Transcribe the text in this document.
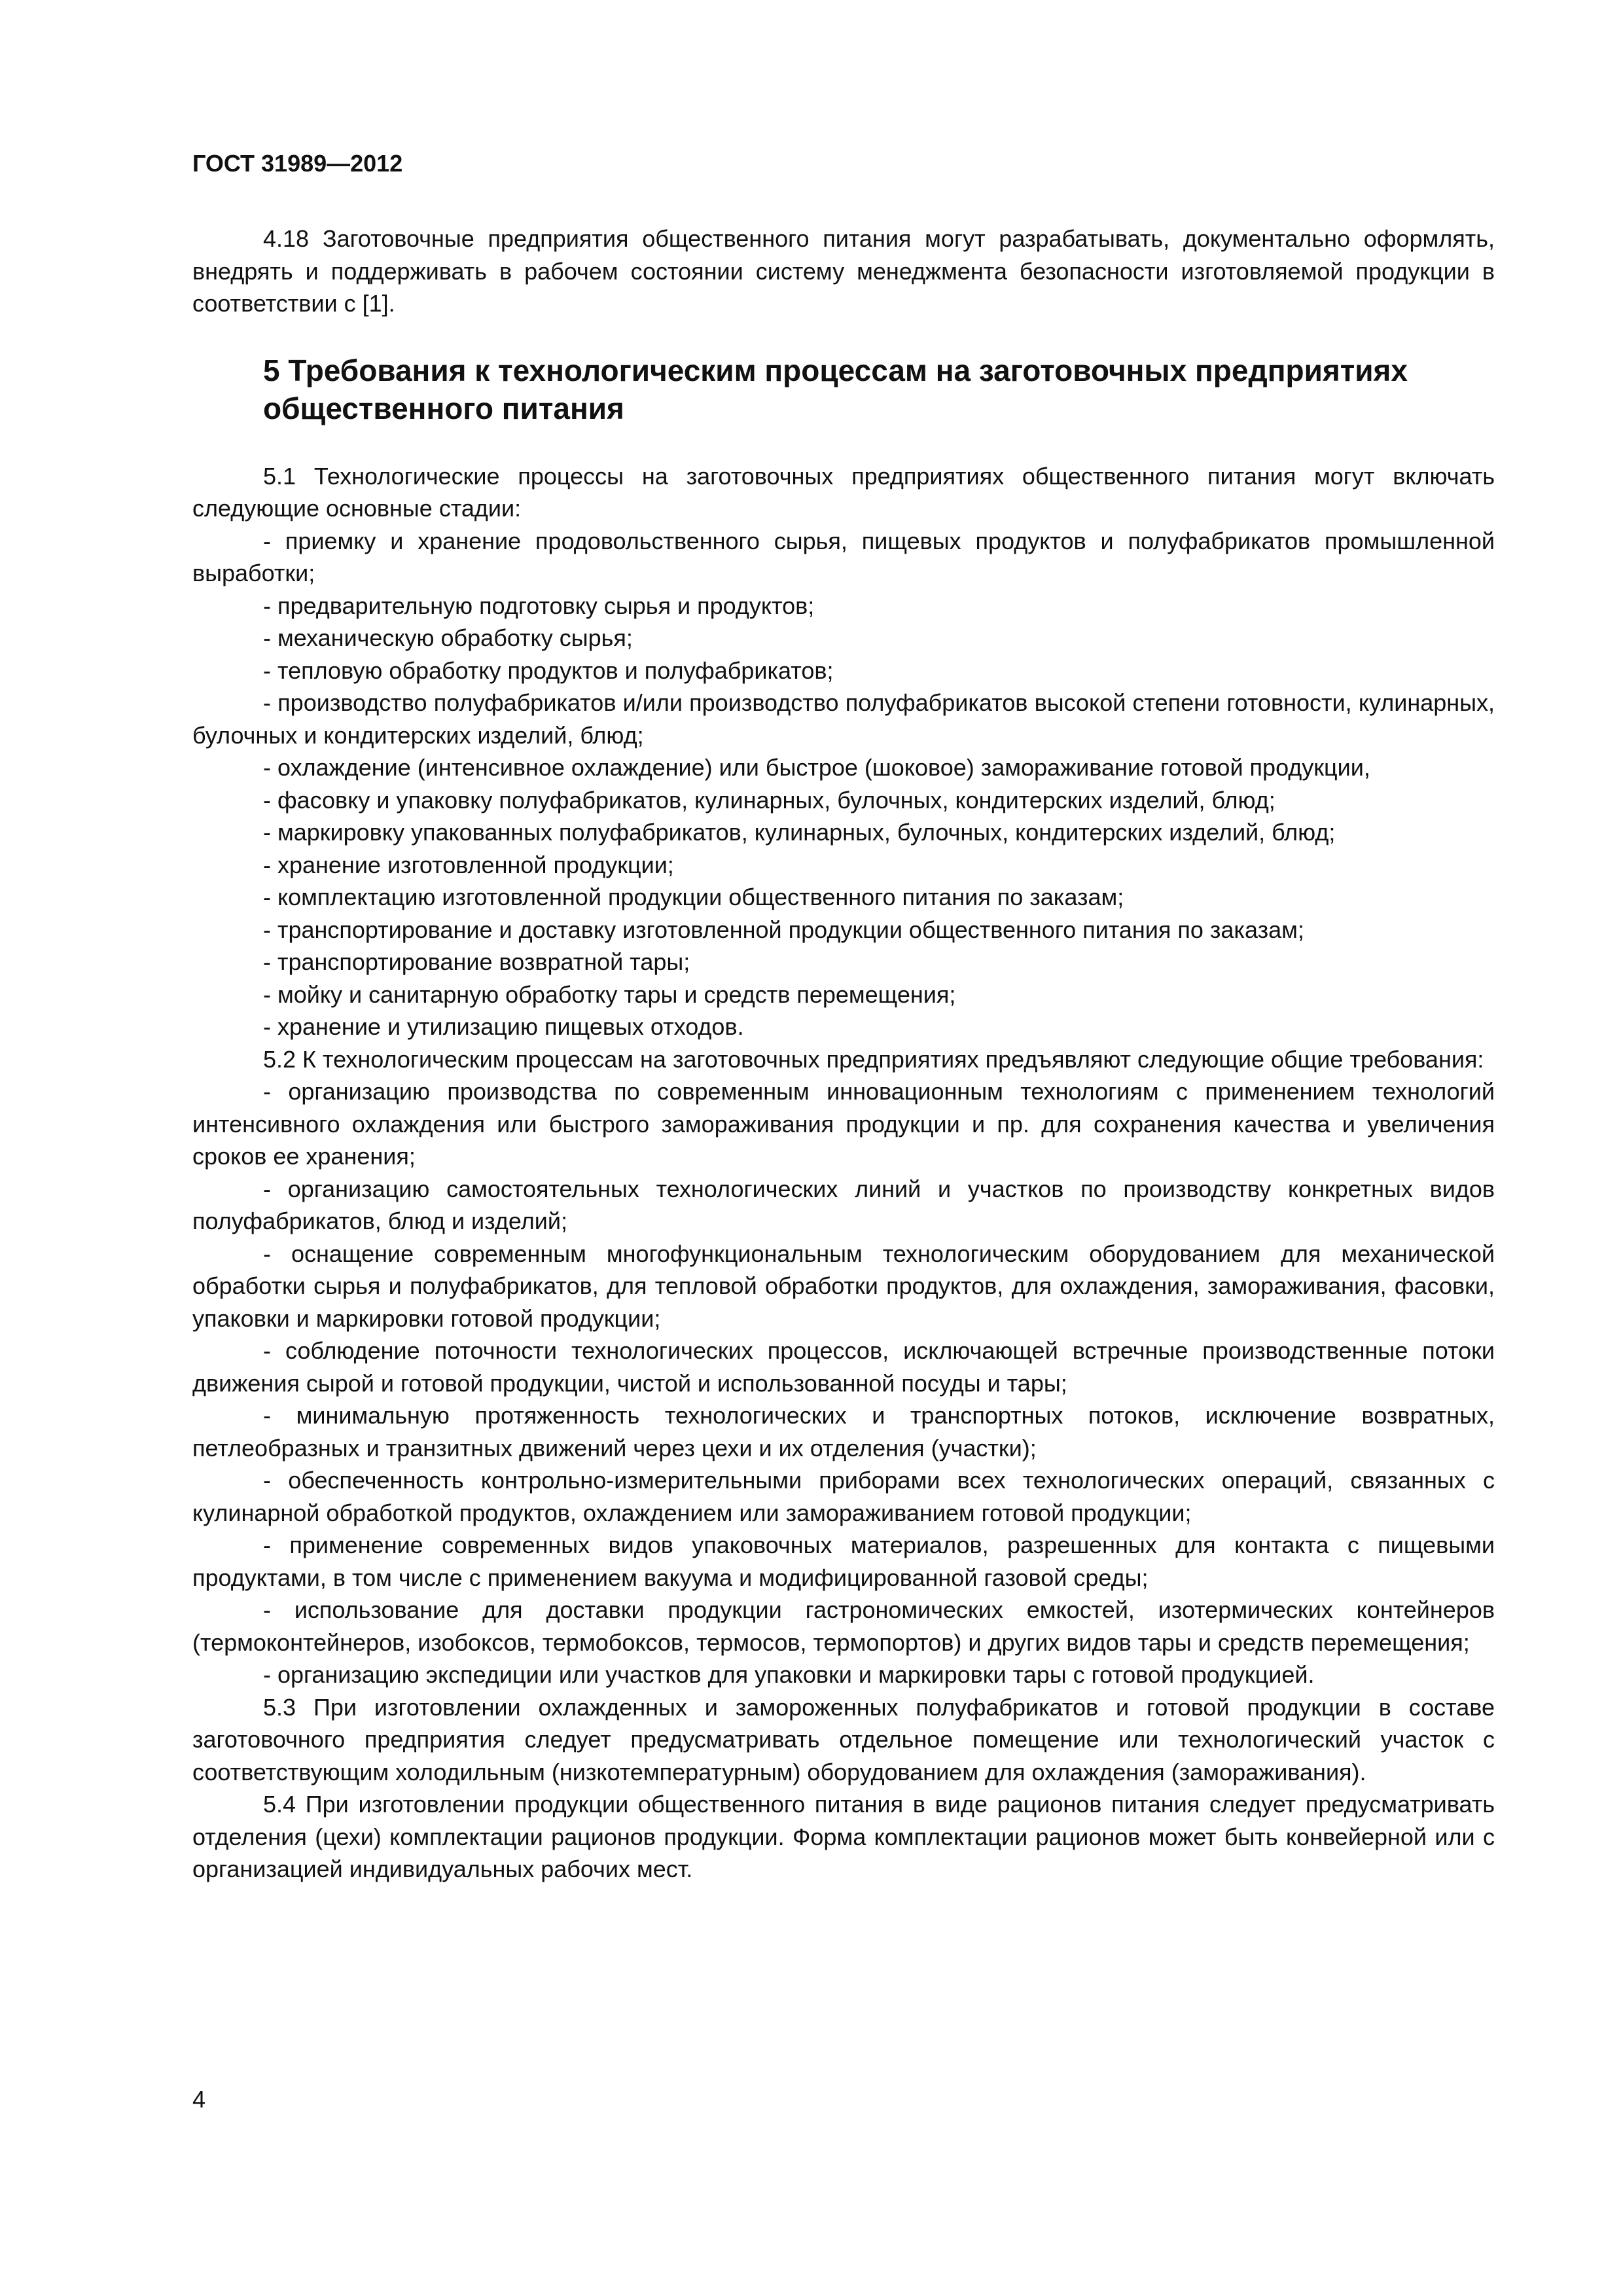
ГОСТ 31989—2012

4.18 Заготовочные предприятия общественного питания могут разрабатывать, документально оформлять, внедрять и поддерживать в рабочем состоянии систему менеджмента безопасности изготовляемой продукции в соответствии с [1].

5 Требования к технологическим процессам на заготовочных предприятиях общественного питания

5.1 Технологические процессы на заготовочных предприятиях общественного питания могут включать следующие основные стадии:

- приемку и хранение продовольственного сырья, пищевых продуктов и полуфабрикатов промышленной выработки;

- предварительную подготовку сырья и продуктов;

- механическую обработку сырья;

- тепловую обработку продуктов и полуфабрикатов;

- производство полуфабрикатов и/или производство полуфабрикатов высокой степени готовности, кулинарных, булочных и кондитерских изделий, блюд;

- охлаждение (интенсивное охлаждение) или быстрое (шоковое) замораживание готовой продукции,

- фасовку и упаковку полуфабрикатов, кулинарных, булочных, кондитерских изделий, блюд;

- маркировку упакованных полуфабрикатов, кулинарных, булочных, кондитерских изделий, блюд;

- хранение изготовленной продукции;

- комплектацию изготовленной продукции общественного питания по заказам;

- транспортирование и доставку изготовленной продукции общественного питания по заказам;

- транспортирование возвратной тары;

- мойку и санитарную обработку тары и средств перемещения;

- хранение и утилизацию пищевых отходов.

5.2 К технологическим процессам на заготовочных предприятиях предъявляют следующие общие требования:

- организацию производства по современным инновационным технологиям с применением технологий интенсивного охлаждения или быстрого замораживания продукции и пр. для сохранения качества и увеличения сроков ее хранения;

- организацию самостоятельных технологических линий и участков по производству конкретных видов полуфабрикатов, блюд и изделий;

- оснащение современным многофункциональным технологическим оборудованием для механической обработки сырья и полуфабрикатов, для тепловой обработки продуктов, для охлаждения, замораживания, фасовки, упаковки и маркировки готовой продукции;

- соблюдение поточности технологических процессов, исключающей встречные производственные потоки движения сырой и готовой продукции, чистой и использованной посуды и тары;

- минимальную протяженность технологических и транспортных потоков, исключение возвратных, петлеобразных и транзитных движений через цехи и их отделения (участки);

- обеспеченность контрольно-измерительными приборами всех технологических операций, связанных с кулинарной обработкой продуктов, охлаждением или замораживанием готовой продукции;

- применение современных видов упаковочных материалов, разрешенных для контакта с пищевыми продуктами, в том числе с применением вакуума и модифицированной газовой среды;

- использование для доставки продукции гастрономических емкостей, изотермических контейнеров (термоконтейнеров, изобоксов, термобоксов, термосов, термопортов) и других видов тары и средств перемещения;

- организацию экспедиции или участков для упаковки и маркировки тары с готовой продукцией.

5.3 При изготовлении охлажденных и замороженных полуфабрикатов и готовой продукции в составе заготовочного предприятия следует предусматривать отдельное помещение или технологический участок с соответствующим холодильным (низкотемпературным) оборудованием для охлаждения (замораживания).

5.4 При изготовлении продукции общественного питания в виде рационов питания следует предусматривать отделения (цехи) комплектации рационов продукции. Форма комплектации рационов может быть конвейерной или с организацией индивидуальных рабочих мест.

4
